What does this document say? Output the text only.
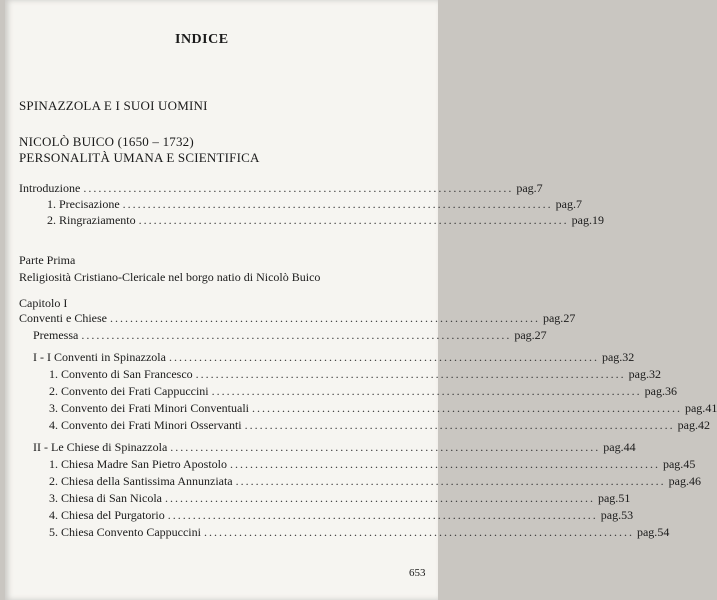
INDICE
SPINAZZOLA E I SUOI UOMINI
NICOLÒ BUICO (1650 – 1732)
PERSONALITÀ UMANA E SCIENTIFICA
Introduzione ...................................................................................... pag. 7
1. Precisazione ...................................................................................... pag. 7
2. Ringraziamento ...................................................................................... pag. 19
Parte Prima
Religiosità Cristiano-Clericale nel borgo natio di Nicolò Buico
Capitolo I
Conventi e Chiese ...................................................................................... pag. 27
Premessa ...................................................................................... pag. 27
I - I Conventi in Spinazzola ...................................................................................... pag. 32
1. Convento di San Francesco ...................................................................................... pag. 32
2. Convento dei Frati Cappuccini ...................................................................................... pag. 36
3. Convento dei Frati Minori Conventuali ...................................................................................... pag. 41
4. Convento dei Frati Minori Osservanti ...................................................................................... pag. 42
II - Le Chiese di Spinazzola ...................................................................................... pag. 44
1. Chiesa Madre San Pietro Apostolo ...................................................................................... pag. 45
2. Chiesa della Santissima Annunziata ...................................................................................... pag. 46
3. Chiesa di San Nicola ...................................................................................... pag. 51
4. Chiesa del Purgatorio ...................................................................................... pag. 53
5. Chiesa Convento Cappuccini ...................................................................................... pag. 54
653
